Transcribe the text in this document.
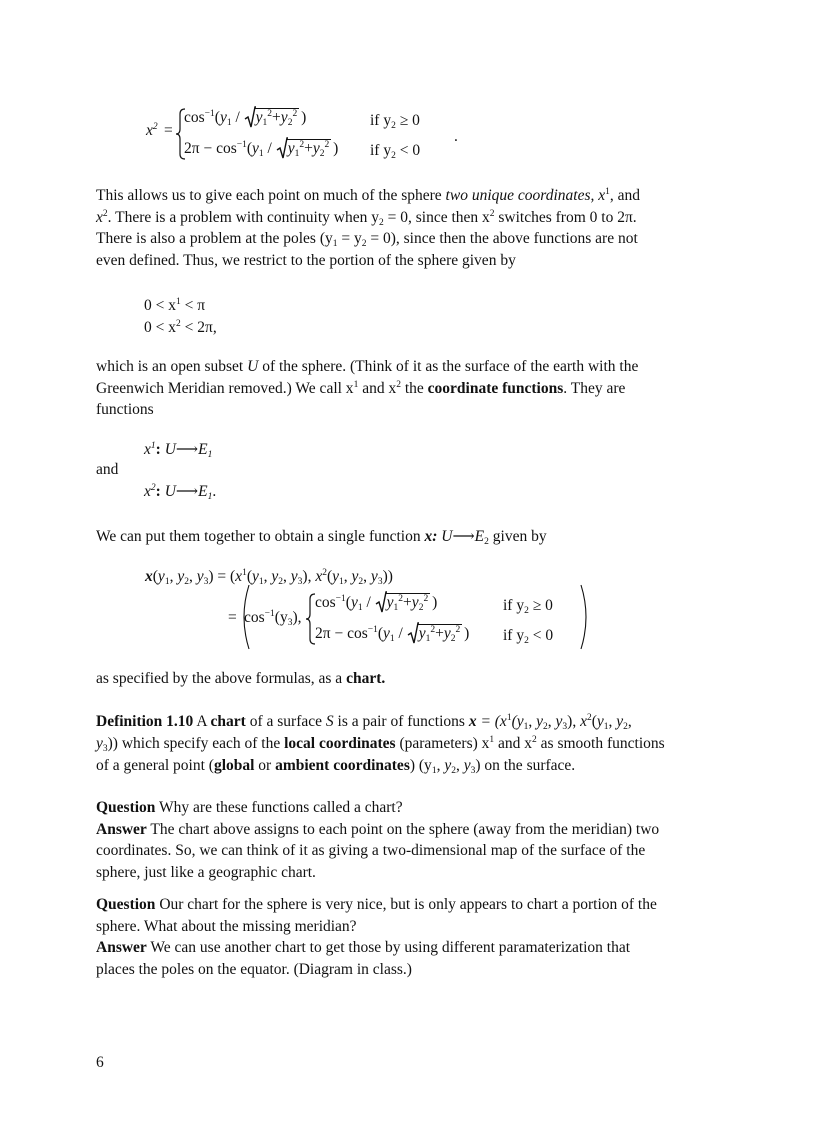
$x^2$ =
$\cos^{-1}(y_1$ /
$y_1^2+y_2^2$ )	if $y_2 \ge 0$
$2\pi - \cos^{-1}(y_1$ /
$y_1^2+y_2^2$ ) if $y_2 < 0$
.

This allows us to give each point on much of the sphere two unique coordinates, $x^1$, and

$x^2$. There is a problem with continuity when $y_2 = 0$, since then $x^2$ switches from 0 to 2π.

There is also a problem at the poles $(y_1 = y_2 = 0)$, since then the above functions are not

even defined. Thus, we restrict to the portion of the sphere given by

$0 < x^1 < \pi$
$0 < x^2 < 2\pi$,

which is an open subset U of the sphere. (Think of it as the surface of the earth with the

Greenwich Meridian removed.) We call $x^1$ and $x^2$ the coordinate functions. They are

functions

$x^1$: $U⟶E_1$
and
$x^2$: $U⟶E_1$.

We can put them together to obtain a single function x: $U⟶E_2$ given by

$x(y_1$, $y_2$, $y_3) = (x^1(y_1$, $y_2$, $y_3$), $x^2(y_1$, $y_2$, $y_3$))
= $\cos^{-1}(y_3)$,
$\cos^{-1}(y_1$ /
$y_1^2+y_2^2$ )	if $y_2 \ge 0$
$2\pi - \cos^{-1}(y_1$ /
$y_1^2+y_2^2$ ) if $y_2 < 0$

as specified by the above formulas, as a chart.

Definition 1.10 A chart of a surface S is a pair of functions $x = (x^1(y_1$, $y_2$, $y_3$), $x^2(y_1$, $y_2$,

$y_3$)) which specify each of the local coordinates (parameters) $x^1$ and $x^2$ as smooth functions

of a general point (global or ambient coordinates) ($y_1$, $y_2$, $y_3$) on the surface.

Question Why are these functions called a chart?

Answer The chart above assigns to each point on the sphere (away from the meridian) two

coordinates. So, we can think of it as giving a two-dimensional map of the surface of the

sphere, just like a geographic chart.

Question Our chart for the sphere is very nice, but is only appears to chart a portion of the

sphere. What about the missing meridian?

Answer We can use another chart to get those by using different paramaterization that

places the poles on the equator. (Diagram in class.)

6
